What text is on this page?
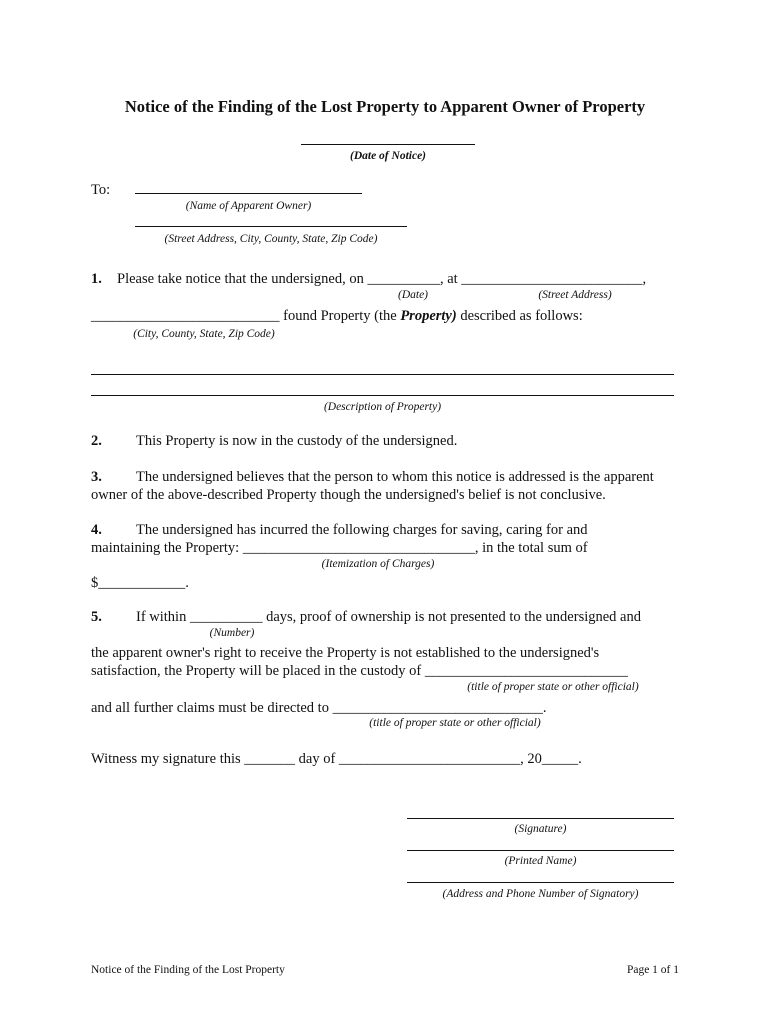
Notice of the Finding of the Lost Property to Apparent Owner of Property
(Date of Notice)
To:
(Name of Apparent Owner)
(Street Address, City, County, State, Zip Code)
1. Please take notice that the undersigned, on __________, at _________________________,
(Date)	(Street Address)
__________________________ found Property (the Property) described as follows:
(City, County, State, Zip Code)
(Description of Property)
2. This Property is now in the custody of the undersigned.
3. The undersigned believes that the person to whom this notice is addressed is the apparent
owner of the above-described Property though the undersigned's belief is not conclusive.
4. The undersigned has incurred the following charges for saving, caring for and
maintaining the Property: ________________________________, in the total sum of
(Itemization of Charges)
$____________.
5. If within __________ days, proof of ownership is not presented to the undersigned and
(Number)
the apparent owner's right to receive the Property is not established to the undersigned's
satisfaction, the Property will be placed in the custody of ____________________________
(title of proper state or other official)
and all further claims must be directed to _____________________________.
(title of proper state or other official)
Witness my signature this _______ day of _________________________, 20_____.
(Signature)
(Printed Name)
(Address and Phone Number of Signatory)
Notice of the Finding of the Lost Property	Page 1 of 1
